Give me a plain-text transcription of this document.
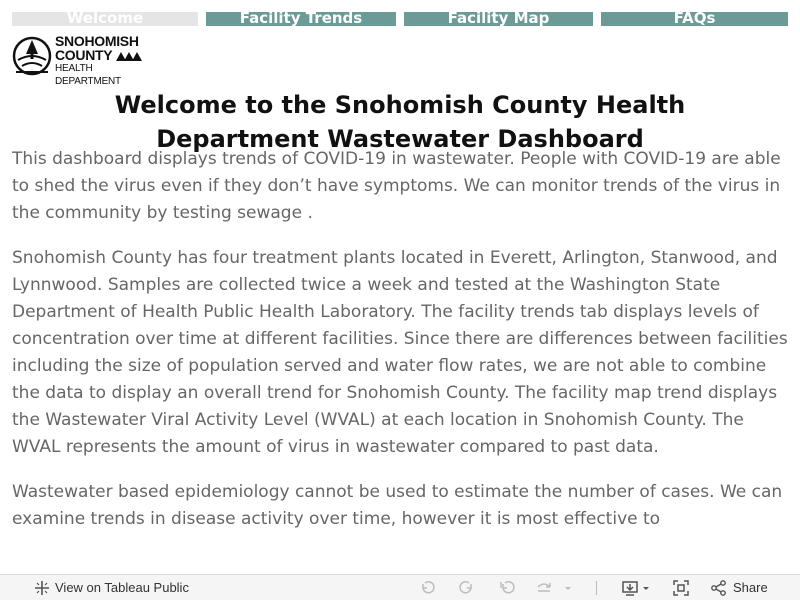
Welcome	Facility Trends	Facility Map	FAQs
SNOHOMISH
COUNTY
HEALTH DEPARTMENT
Welcome to the Snohomish County Health Department Wastewater Dashboard

This dashboard displays trends of COVID-19 in wastewater. People with COVID-19 are able to shed the virus even if they don’t have symptoms. We can monitor trends of the virus in the community by testing sewage .

Snohomish County has four treatment plants located in Everett, Arlington, Stanwood, and Lynnwood. Samples are collected twice a week and tested at the Washington State Department of Health Public Health Laboratory. The facility trends tab displays levels of concentration over time at different facilities. Since there are differences between facilities including the size of population served and water flow rates, we are not able to combine the data to display an overall trend for Snohomish County. The facility map trend displays the Wastewater Viral Activity Level (WVAL) at each location in Snohomish County. The WVAL represents the amount of virus in wastewater compared to past data.

Wastewater based epidemiology cannot be used to estimate the number of cases. We can examine trends in disease activity over time, however it is most effective to

View on Tableau Public	Share
